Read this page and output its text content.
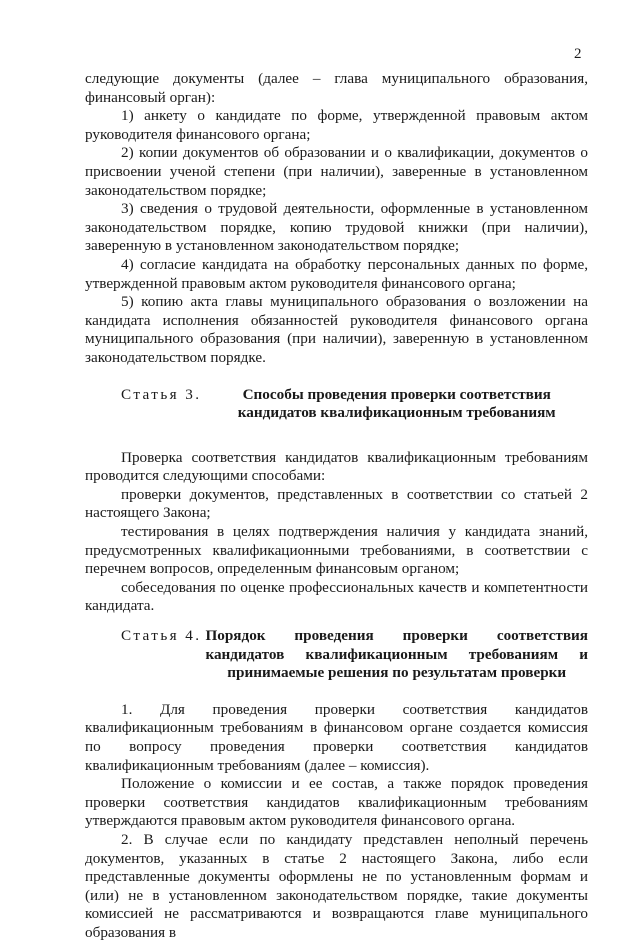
2

следующие документы (далее – глава муниципального образования, финансовый орган):

1) анкету о кандидате по форме, утвержденной правовым актом руководителя финансового органа;

2) копии документов об образовании и о квалификации, документов о присвоении ученой степени (при наличии), заверенные в установленном законодательством порядке;

3) сведения о трудовой деятельности, оформленные в установленном законодательством порядке, копию трудовой книжки (при наличии), заверенную в установленном законодательством порядке;

4) согласие кандидата на обработку персональных данных по форме, утвержденной правовым актом руководителя финансового органа;

5) копию акта главы муниципального образования о возложении на кандидата исполнения обязанностей руководителя финансового органа муниципального образования (при наличии), заверенную в установленном законодательством порядке.

Статья 3.	Способы проведения проверки соответствия кандидатов квалификационным требованиям

Проверка соответствия кандидатов квалификационным требованиям проводится следующими способами:

проверки документов, представленных в соответствии со статьей 2 настоящего Закона;

тестирования в целях подтверждения наличия у кандидата знаний, предусмотренных квалификационными требованиями, в соответствии с перечнем вопросов, определенным финансовым органом;

собеседования по оценке профессиональных качеств и компетентности кандидата.

Статья 4. Порядок проведения проверки соответствия кандидатов квалификационным требованиям и принимаемые решения по результатам проверки

1. Для проведения проверки соответствия кандидатов квалификационным требованиям в финансовом органе создается комиссия по вопросу проведения проверки соответствия кандидатов квалификационным требованиям (далее – комиссия).

Положение о комиссии и ее состав, а также порядок проведения проверки соответствия кандидатов квалификационным требованиям утверждаются правовым актом руководителя финансового органа.

2. В случае если по кандидату представлен неполный перечень документов, указанных в статье 2 настоящего Закона, либо если представленные документы оформлены не по установленным формам и (или) не в установленном законодательством порядке, такие документы комиссией не рассматриваются и возвращаются главе муниципального образования в
